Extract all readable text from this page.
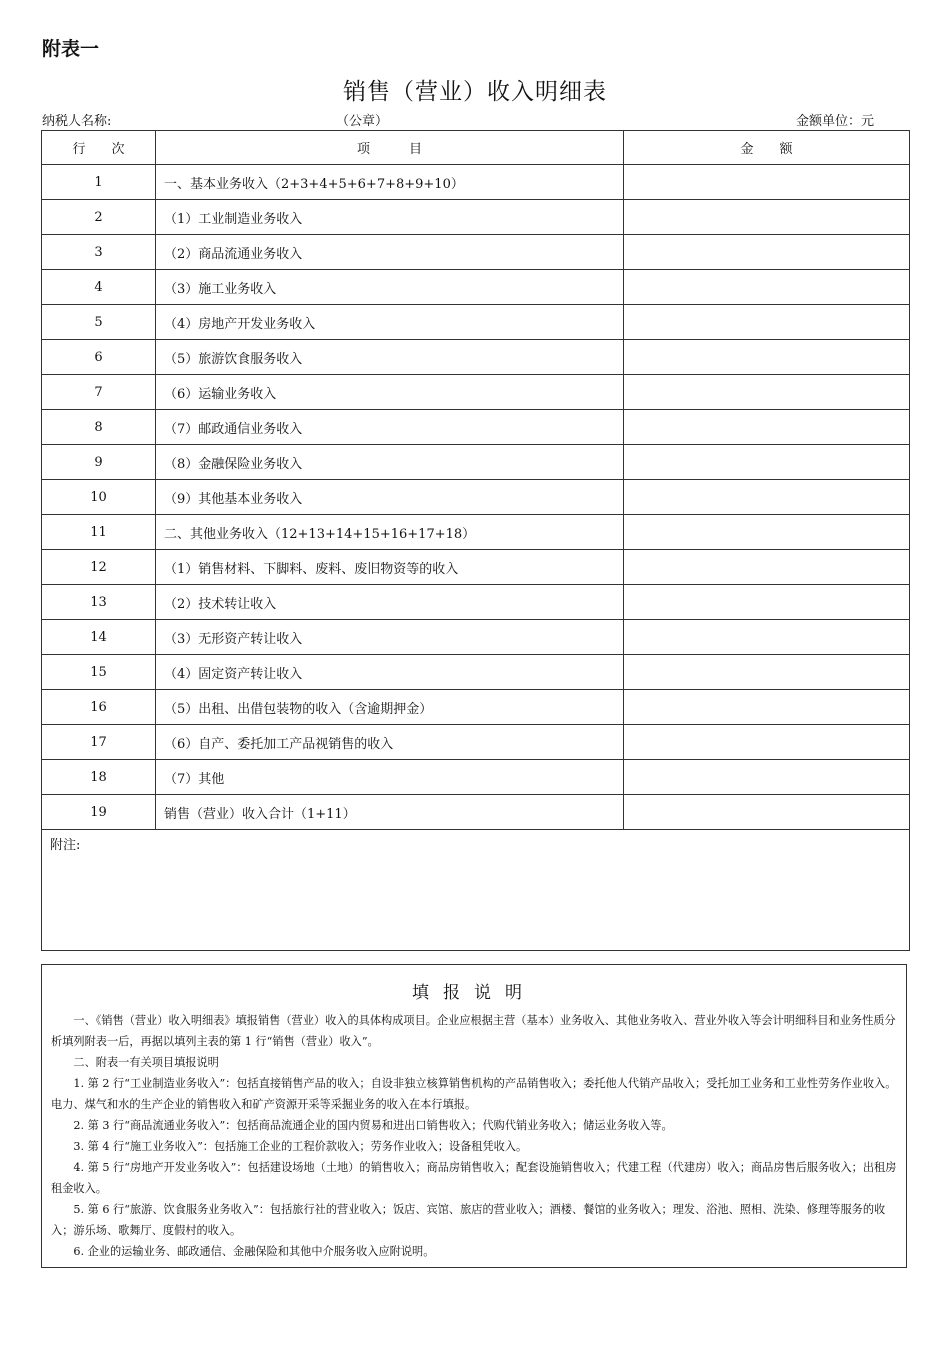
附表一
销售（营业）收入明细表
纳税人名称:	（公章）	金额单位：元
行　　次	项　　　目	金　　额
1	一、基本业务收入（2+3+4+5+6+7+8+9+10）	
2	（1）工业制造业务收入	
3	（2）商品流通业务收入	
4	（3）施工业务收入	
5	（4）房地产开发业务收入	
6	（5）旅游饮食服务收入	
7	（6）运输业务收入	
8	（7）邮政通信业务收入	
9	（8）金融保险业务收入	
10	（9）其他基本业务收入	
11	二、其他业务收入（12+13+14+15+16+17+18）	
12	（1）销售材料、下脚料、废料、废旧物资等的收入	
13	（2）技术转让收入	
14	（3）无形资产转让收入	
15	（4）固定资产转让收入	
16	（5）出租、出借包装物的收入（含逾期押金）	
17	（6）自产、委托加工产品视销售的收入	
18	（7）其他	
19	销售（营业）收入合计（1+11）	
附注:		
填报说明

一、《销售（营业）收入明细表》填报销售（营业）收入的具体构成项目。企业应根据主营（基本）业务收入、其他业务收入、营业外收入等会计明细科目和业务性质分析填列附表一后，再据以填列主表的第 1 行“销售（营业）收入”。

二、附表一有关项目填报说明

1. 第 2 行“工业制造业务收入”：包括直接销售产品的收入；自设非独立核算销售机构的产品销售收入；委托他人代销产品收入；受托加工业务和工业性劳务作业收入。电力、煤气和水的生产企业的销售收入和矿产资源开采等采掘业务的收入在本行填报。

2. 第 3 行“商品流通业务收入”：包括商品流通企业的国内贸易和进出口销售收入；代购代销业务收入；储运业务收入等。

3. 第 4 行“施工业务收入”：包括施工企业的工程价款收入；劳务作业收入；设备租凭收入。

4. 第 5 行“房地产开发业务收入”：包括建设场地（土地）的销售收入；商品房销售收入；配套设施销售收入；代建工程（代建房）收入；商品房售后服务收入；出租房租金收入。

5. 第 6 行“旅游、饮食服务业务收入”：包括旅行社的营业收入；饭店、宾馆、旅店的营业收入；酒楼、餐馆的业务收入；理发、浴池、照相、洗染、修理等服务的收入；游乐场、歌舞厅、度假村的收入。

6. 企业的运输业务、邮政通信、金融保险和其他中介服务收入应附说明。
